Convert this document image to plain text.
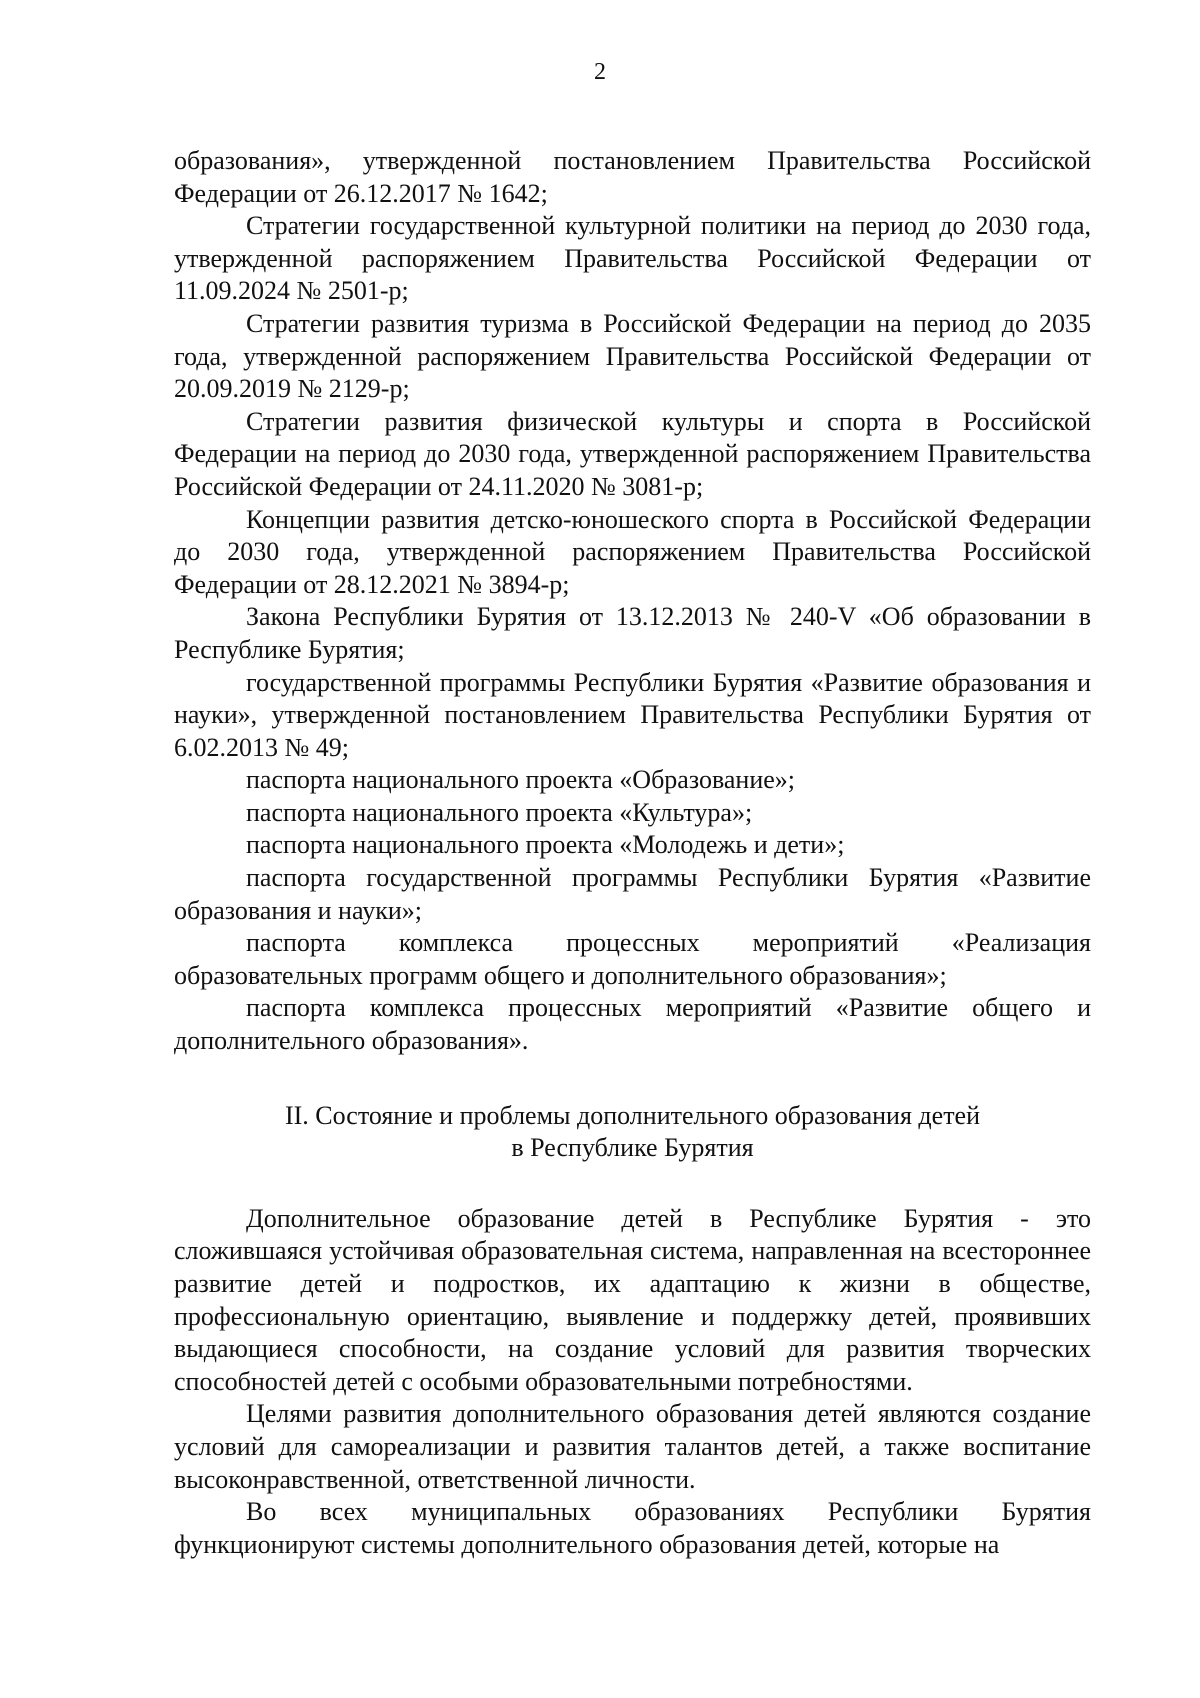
2

образования», утвержденной постановлением Правительства Российской Федерации от 26.12.2017 № 1642;

Стратегии государственной культурной политики на период до 2030 года, утвержденной распоряжением Правительства Российской Федерации от 11.09.2024 № 2501-р;

Стратегии развития туризма в Российской Федерации на период до 2035 года, утвержденной распоряжением Правительства Российской Федерации от 20.09.2019 № 2129-р;

Стратегии развития физической культуры и спорта в Российской Федерации на период до 2030 года, утвержденной распоряжением Правительства Российской Федерации от 24.11.2020 № 3081-р;

Концепции развития детско-юношеского спорта в Российской Федерации до 2030 года, утвержденной распоряжением Правительства Российской Федерации от 28.12.2021 № 3894-р;

Закона Республики Бурятия от 13.12.2013 № 240-V «Об образовании в Республике Бурятия;

государственной программы Республики Бурятия «Развитие образования и науки», утвержденной постановлением Правительства Республики Бурятия от 6.02.2013 № 49;

паспорта национального проекта «Образование»;

паспорта национального проекта «Культура»;

паспорта национального проекта «Молодежь и дети»;

паспорта государственной программы Республики Бурятия «Развитие образования и науки»;

паспорта комплекса процессных мероприятий «Реализация образовательных программ общего и дополнительного образования»;

паспорта комплекса процессных мероприятий «Развитие общего и дополнительного образования».

II. Состояние и проблемы дополнительного образования детей
в Республике Бурятия

Дополнительное образование детей в Республике Бурятия - это сложившаяся устойчивая образовательная система, направленная на всестороннее развитие детей и подростков, их адаптацию к жизни в обществе, профессиональную ориентацию, выявление и поддержку детей, проявивших выдающиеся способности, на создание условий для развития творческих способностей детей с особыми образовательными потребностями.

Целями развития дополнительного образования детей являются создание условий для самореализации и развития талантов детей, а также воспитание высоконравственной, ответственной личности.

Во всех муниципальных образованиях Республики Бурятия функционируют системы дополнительного образования детей, которые на
